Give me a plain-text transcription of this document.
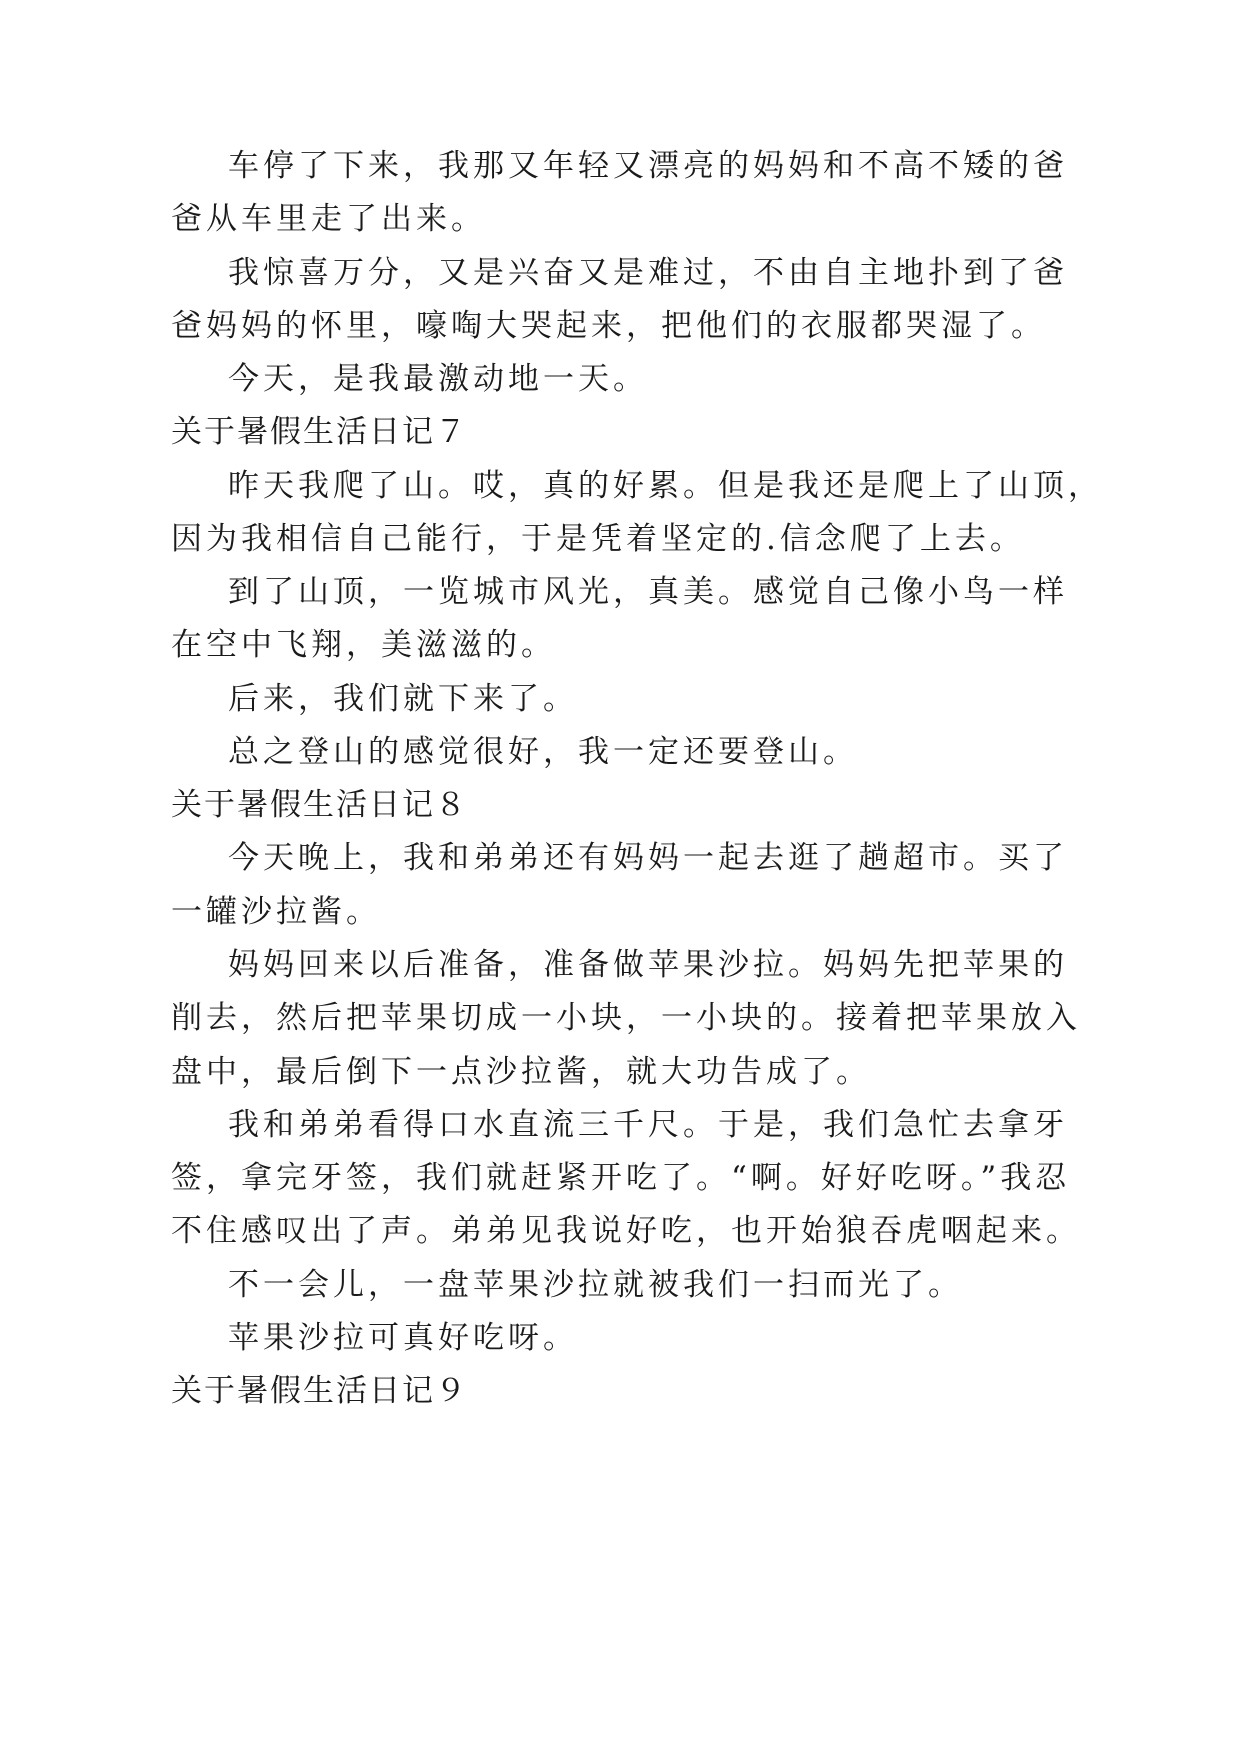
车停了下来，我那又年轻又漂亮的妈妈和不高不矮的爸
爸从车里走了出来。
我惊喜万分，又是兴奋又是难过，不由自主地扑到了爸
爸妈妈的怀里，嚎啕大哭起来，把他们的衣服都哭湿了。
今天，是我最激动地一天。
关于暑假生活日记７
昨天我爬了山。哎，真的好累。但是我还是爬上了山顶，
因为我相信自己能行，于是凭着坚定的.信念爬了上去。
到了山顶，一览城市风光，真美。感觉自己像小鸟一样
在空中飞翔，美滋滋的。
后来，我们就下来了。
总之登山的感觉很好，我一定还要登山。
关于暑假生活日记８
今天晚上，我和弟弟还有妈妈一起去逛了趟超市。买了
一罐沙拉酱。
妈妈回来以后准备，准备做苹果沙拉。妈妈先把苹果的
削去，然后把苹果切成一小块，一小块的。接着把苹果放入
盘中，最后倒下一点沙拉酱，就大功告成了。
我和弟弟看得口水直流三千尺。于是，我们急忙去拿牙
签，拿完牙签，我们就赶紧开吃了。“啊。好好吃呀。”我忍
不住感叹出了声。弟弟见我说好吃，也开始狼吞虎咽起来。
不一会儿，一盘苹果沙拉就被我们一扫而光了。
苹果沙拉可真好吃呀。
关于暑假生活日记９
